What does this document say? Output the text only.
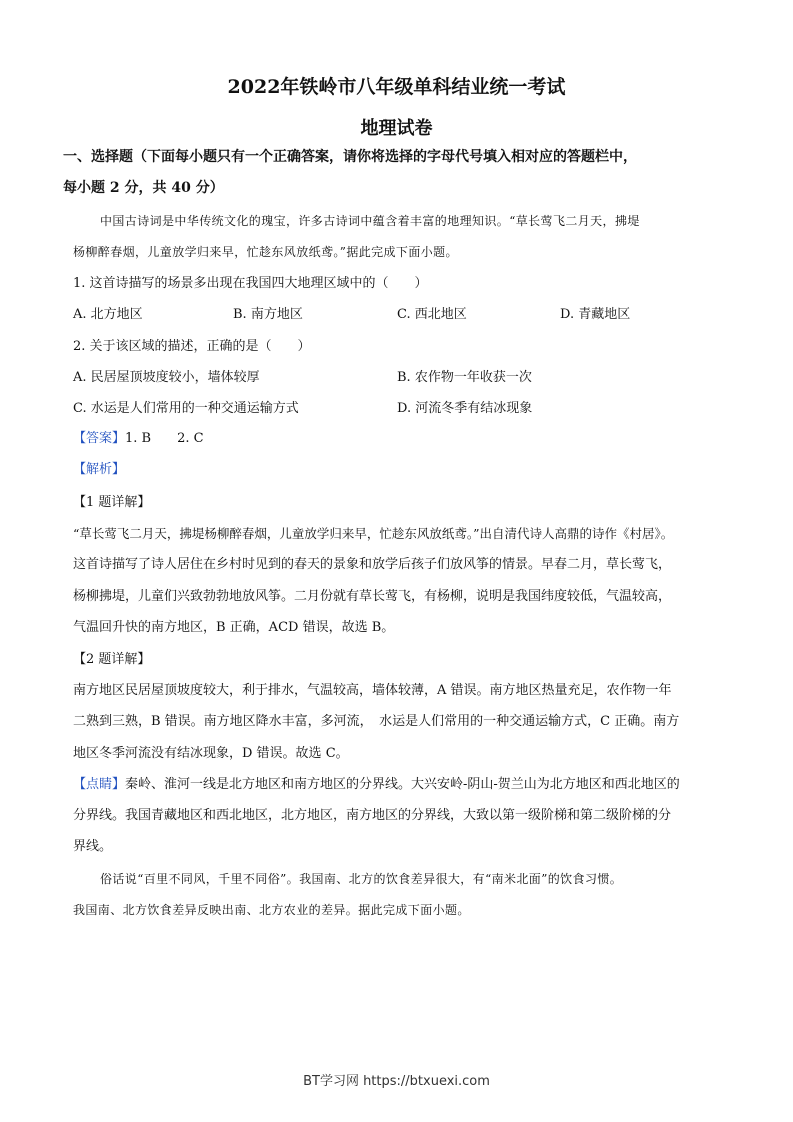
2022年铁岭市八年级单科结业统一考试
地理试卷
一、选择题（下面每小题只有一个正确答案，请你将选择的字母代号填入相对应的答题栏中，
每小题 2 分，共 40 分）
中国古诗词是中华传统文化的瑰宝，许多古诗词中蕴含着丰富的地理知识。“草长莺飞二月天，拂堤
杨柳醉春烟，儿童放学归来早，忙趁东风放纸鸢。”据此完成下面小题。
1. 这首诗描写的场景多出现在我国四大地理区域中的（　　）
A. 北方地区	B. 南方地区	C. 西北地区	D. 青藏地区
2. 关于该区域的描述，正确的是（　　）
A. 民居屋顶坡度较小，墙体较厚	B. 农作物一年收获一次
C. 水运是人们常用的一种交通运输方式	D. 河流冬季有结冰现象
【答案】1. B　　2. C
【解析】
【1 题详解】
“草长莺飞二月天，拂堤杨柳醉春烟，儿童放学归来早，忙趁东风放纸鸢。”出自清代诗人高鼎的诗作《村居》。
这首诗描写了诗人居住在乡村时见到的春天的景象和放学后孩子们放风筝的情景。早春二月，草长莺飞，
杨柳拂堤，儿童们兴致勃勃地放风筝。二月份就有草长莺飞，有杨柳，说明是我国纬度较低，气温较高，
气温回升快的南方地区，B 正确，ACD 错误，故选 B。
【2 题详解】
南方地区民居屋顶坡度较大，利于排水，气温较高，墙体较薄，A 错误。南方地区热量充足，农作物一年
二熟到三熟，B 错误。南方地区降水丰富，多河流，　水运是人们常用的一种交通运输方式，C 正确。南方
地区冬季河流没有结冰现象，D 错误。故选 C。
【点睛】秦岭、淮河一线是北方地区和南方地区的分界线。大兴安岭-阴山-贺兰山为北方地区和西北地区的
分界线。我国青藏地区和西北地区，北方地区，南方地区的分界线，大致以第一级阶梯和第二级阶梯的分
界线。
俗话说“百里不同风，千里不同俗”。我国南、北方的饮食差异很大，有“南米北面”的饮食习惯。
我国南、北方饮食差异反映出南、北方农业的差异。据此完成下面小题。
BT学习网 https://btxuexi.com
